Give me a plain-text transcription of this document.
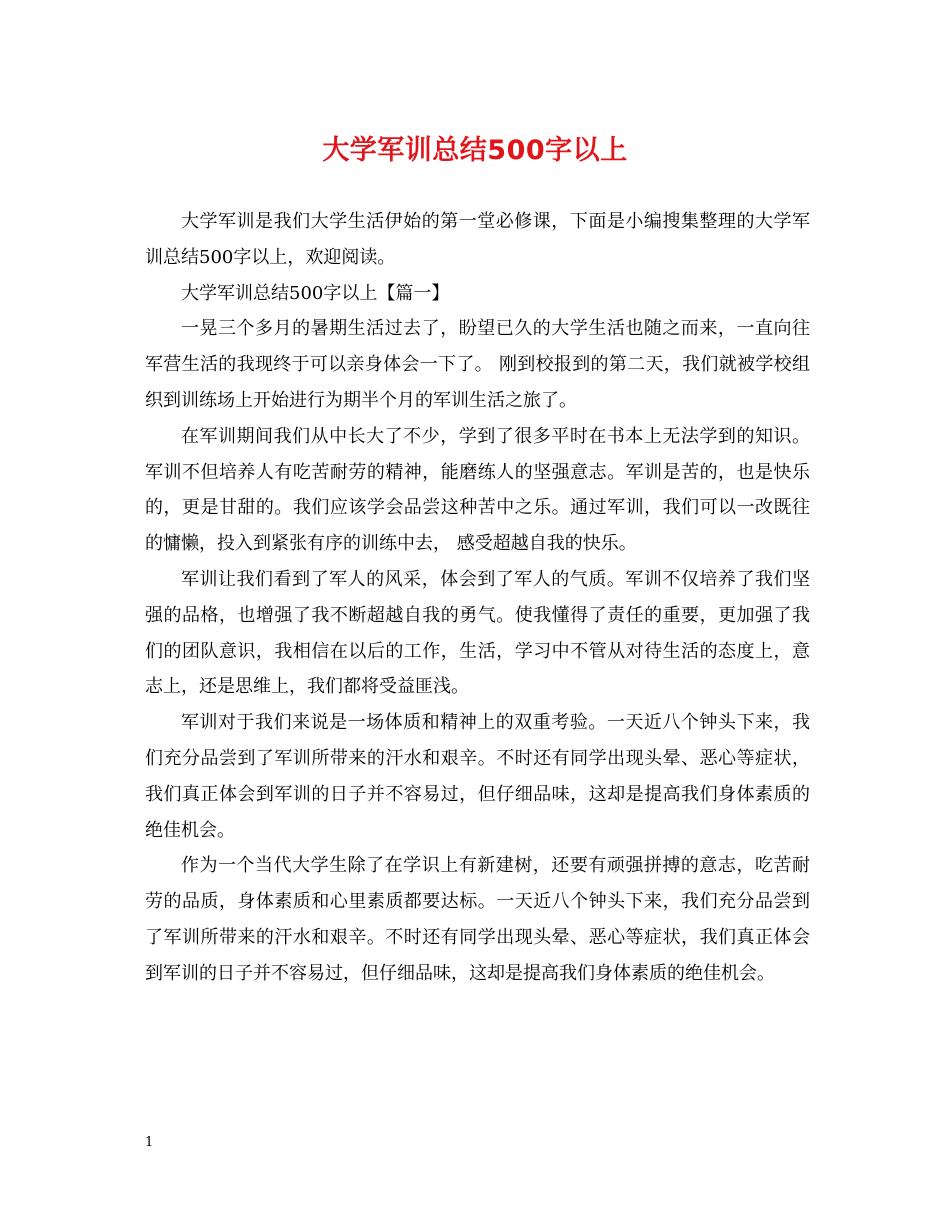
大学军训总结500字以上

大学军训是我们大学生活伊始的第一堂必修课，下面是小编搜集整理的大学军训总结500字以上，欢迎阅读。

大学军训总结500字以上【篇一】

一晃三个多月的暑期生活过去了，盼望已久的大学生活也随之而来，一直向往军营生活的我现终于可以亲身体会一下了。 刚到校报到的第二天，我们就被学校组织到训练场上开始进行为期半个月的军训生活之旅了。

在军训期间我们从中长大了不少，学到了很多平时在书本上无法学到的知识。 军训不但培养人有吃苦耐劳的精神，能磨练人的坚强意志。军训是苦的，也是快乐的，更是甘甜的。我们应该学会品尝这种苦中之乐。通过军训，我们可以一改既往的慵懒，投入到紧张有序的训练中去， 感受超越自我的快乐。

军训让我们看到了军人的风采，体会到了军人的气质。军训不仅培养了我们坚强的品格，也增强了我不断超越自我的勇气。使我懂得了责任的重要，更加强了我们的团队意识，我相信在以后的工作，生活，学习中不管从对待生活的态度上，意志上，还是思维上，我们都将受益匪浅。

军训对于我们来说是一场体质和精神上的双重考验。一天近八个钟头下来，我们充分品尝到了军训所带来的汗水和艰辛。不时还有同学出现头晕、恶心等症状，我们真正体会到军训的日子并不容易过，但仔细品味，这却是提高我们身体素质的绝佳机会。

作为一个当代大学生除了在学识上有新建树，还要有顽强拼搏的意志，吃苦耐劳的品质，身体素质和心里素质都要达标。一天近八个钟头下来，我们充分品尝到了军训所带来的汗水和艰辛。不时还有同学出现头晕、恶心等症状，我们真正体会到军训的日子并不容易过，但仔细品味，这却是提高我们身体素质的绝佳机会。

1
